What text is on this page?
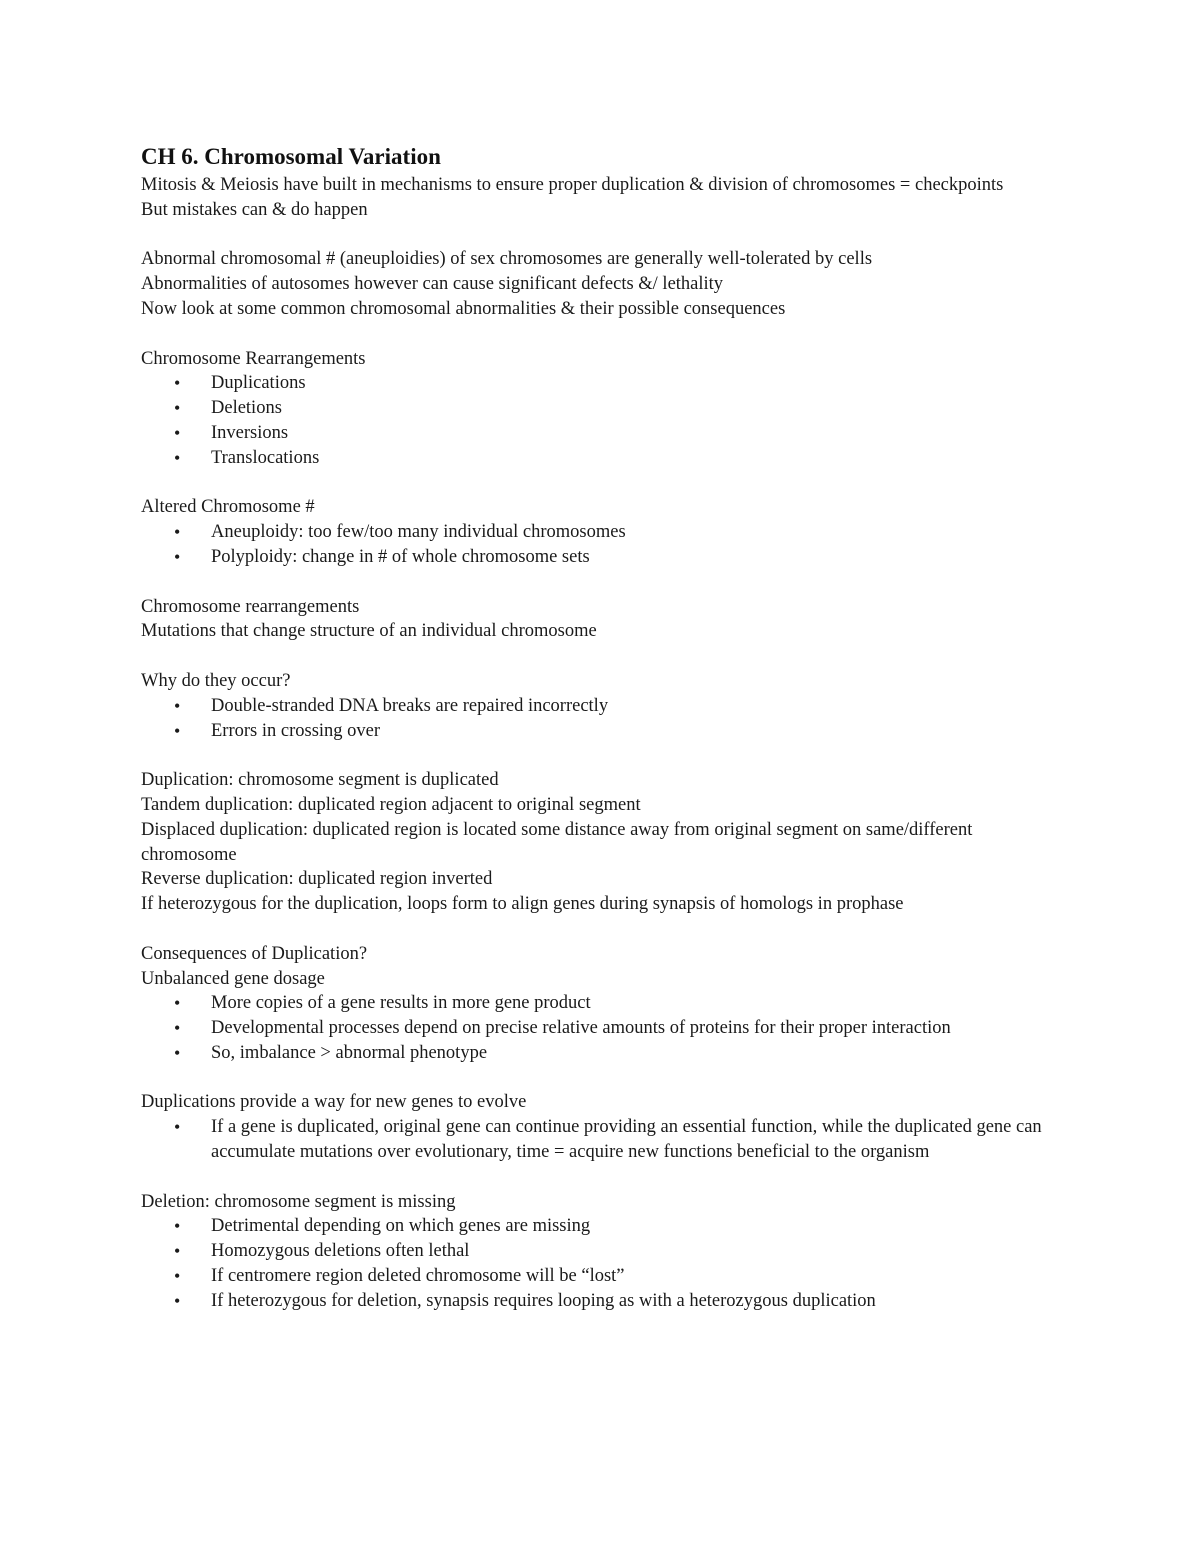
CH 6. Chromosomal Variation

Mitosis & Meiosis have built in mechanisms to ensure proper duplication & division of chromosomes = checkpoints

But mistakes can & do happen

Abnormal chromosomal # (aneuploidies) of sex chromosomes are generally well-tolerated by cells

Abnormalities of autosomes however can cause significant defects &/ lethality

Now look at some common chromosomal abnormalities & their possible consequences

Chromosome Rearrangements

• Duplications
• Deletions
• Inversions
• Translocations

Altered Chromosome #

• Aneuploidy: too few/too many individual chromosomes
• Polyploidy: change in # of whole chromosome sets

Chromosome rearrangements

Mutations that change structure of an individual chromosome

Why do they occur?

• Double-stranded DNA breaks are repaired incorrectly
• Errors in crossing over

Duplication: chromosome segment is duplicated

Tandem duplication: duplicated region adjacent to original segment

Displaced duplication: duplicated region is located some distance away from original segment on same/different chromosome

Reverse duplication: duplicated region inverted

If heterozygous for the duplication, loops form to align genes during synapsis of homologs in prophase

Consequences of Duplication?

Unbalanced gene dosage

• More copies of a gene results in more gene product
• Developmental processes depend on precise relative amounts of proteins for their proper interaction
• So, imbalance > abnormal phenotype

Duplications provide a way for new genes to evolve

• If a gene is duplicated, original gene can continue providing an essential function, while the duplicated gene can accumulate mutations over evolutionary, time = acquire new functions beneficial to the organism

Deletion: chromosome segment is missing

• Detrimental depending on which genes are missing
• Homozygous deletions often lethal
• If centromere region deleted chromosome will be “lost”
• If heterozygous for deletion, synapsis requires looping as with a heterozygous duplication
